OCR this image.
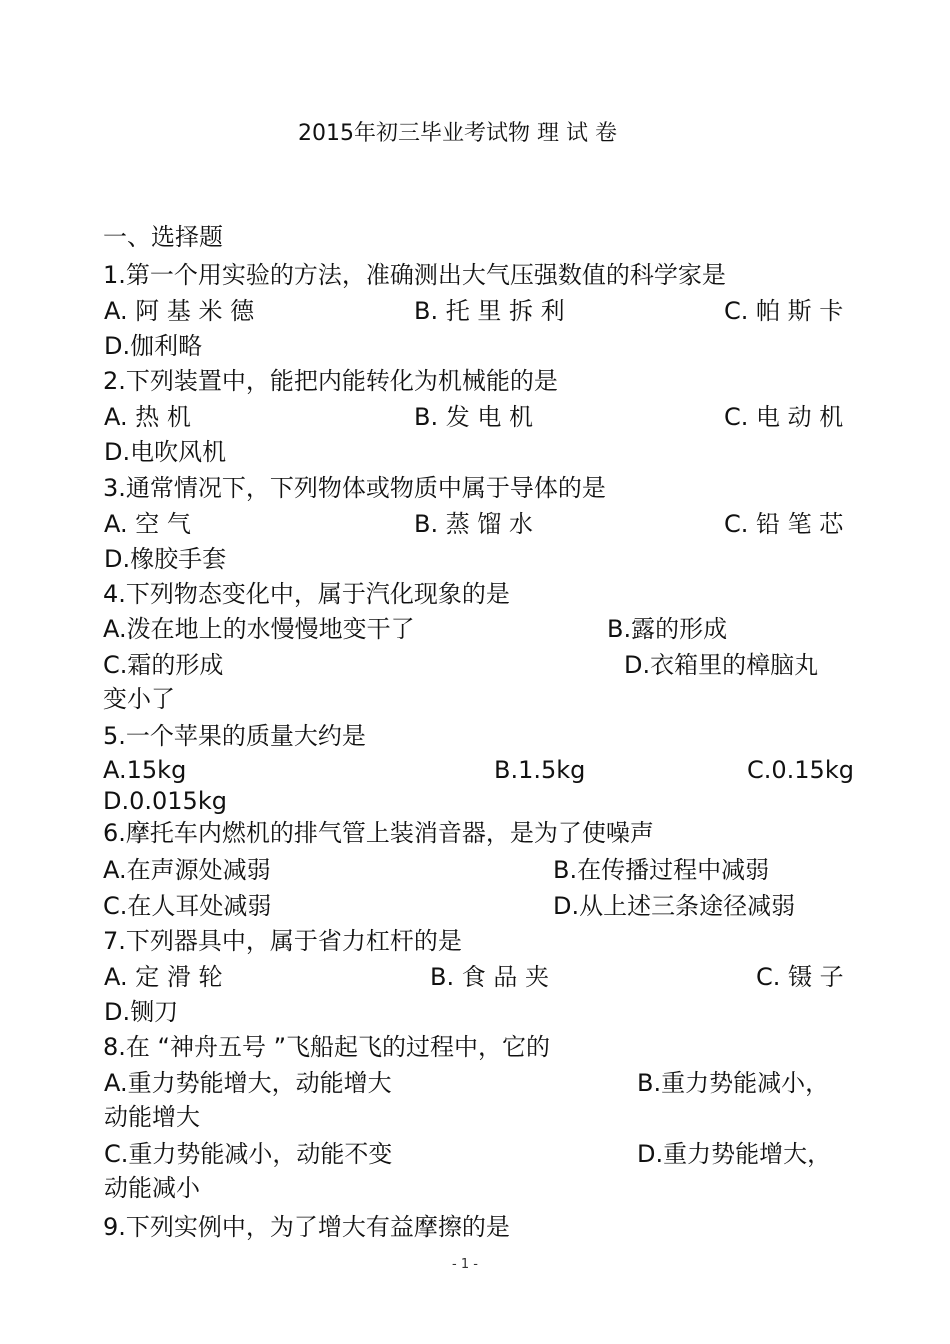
2015年初三毕业考试物 理 试 卷
一、选择题
1.第一个用实验的方法，准确测出大气压强数值的科学家是
A. 阿 基 米 德	B. 托 里 拆 利	C. 帕 斯 卡
D.伽利略
2.下列装置中，能把内能转化为机械能的是
A. 热 机	B. 发 电 机	C. 电 动 机
D.电吹风机
3.通常情况下，下列物体或物质中属于导体的是
A. 空 气	B. 蒸 馏 水	C. 铅 笔 芯
D.橡胶手套
4.下列物态变化中，属于汽化现象的是
A.泼在地上的水慢慢地变干了	B.露的形成
C.霜的形成	D.衣箱里的樟脑丸
变小了
5.一个苹果的质量大约是
A.15kg	B.1.5kg	C.0.15kg
D.0.015kg
6.摩托车内燃机的排气管上装消音器，是为了使噪声
A.在声源处减弱	B.在传播过程中减弱
C.在人耳处减弱	D.从上述三条途径减弱
7.下列器具中，属于省力杠杆的是
A. 定 滑 轮	B. 食 品 夹	C. 镊 子
D.铡刀
8.在 “神舟五号 ”飞船起飞的过程中，它的
A.重力势能增大，动能增大	B.重力势能减小，
动能增大
C.重力势能减小，动能不变	D.重力势能增大，
动能减小
9.下列实例中，为了增大有益摩擦的是
- 1 -
